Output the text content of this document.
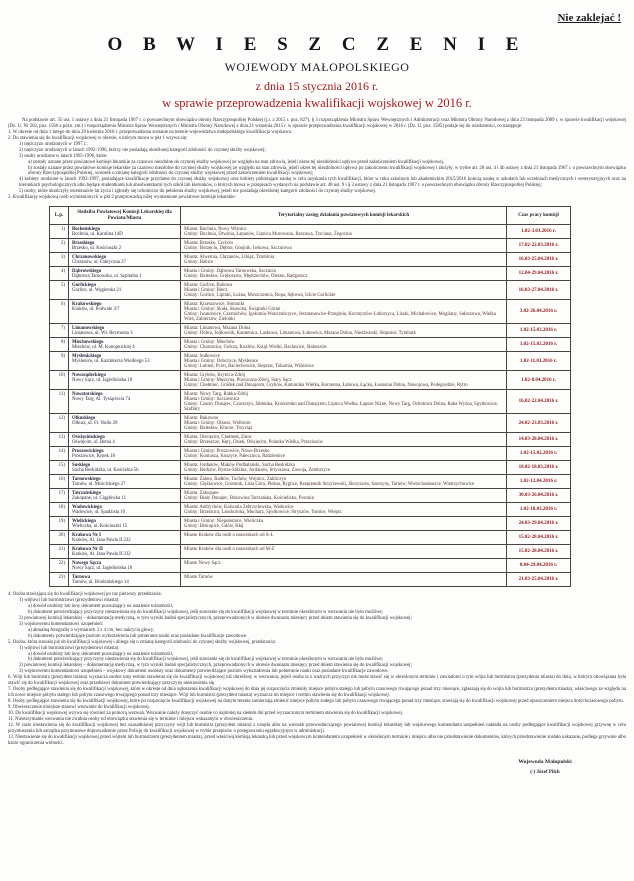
Nie zaklejać !
O B W I E S Z C Z E N I E
WOJEWODY MAŁOPOLSKIEGO
z dnia 15 stycznia 2016 r.
w sprawie przeprowadzenia kwalifikacji wojskowej w 2016 r.
Na podstawie art. 35 ust. 1 ustawy z dnia 21 listopada 1967 r. o powszechnym obowiązku obrony Rzeczypospolitej Polskiej (j.t. z 2015 r. poz. 827), § 3 rozporządzenia Ministra Spraw Wewnętrznych i Administracji oraz Ministra Obrony Narodowej z dnia 23 listopada 2009 r. w sprawie kwalifikacji wojskowej (Dz. U. Nr 202, poz. 1566 z późn. zm.) i rozporządzenia Ministra Spraw Wewnętrznych i Ministra Obrony Narodowej z dnia 21 września 2015 r. w sprawie przeprowadzenia kwalifikacji wojskowej w 2016 r. (Dz. U. poz. 1585) podaje się do wiadomości, co następuje:
1. W okresie od dnia 1 lutego do dnia 29 kwietnia 2016 r. przeprowadzona zostanie na terenie województwa małopolskiego kwalifikacja wojskowa.
2. Do stawienia się do kwalifikacji wojskowej w okresie, o którym mowa w pkt 1 wzywa się:
1) mężczyzn urodzonych w 1997 r.;
2) mężczyzn urodzonych w latach 1992-1996, którzy nie posiadają określonej kategorii zdolności do czynnej służby wojskowej;
3) osoby urodzone w latach 1995-1996, które:
a) zostały uznane przez powiatowe komisje lekarskie za czasowo niezdolne do czynnej służby wojskowej ze względu na stan zdrowia, jeżeli okres tej niezdolności upływa przed zakończeniem kwalifikacji wojskowej,
b) zostały uznane przez powiatowe komisje lekarskie za czasowo niezdolne do czynnej służby wojskowej ze względu na stan zdrowia, jeżeli okres tej niezdolności upływa po zakończeniu kwalifikacji wojskowej i złożyły, w trybie art. 28 ust. 4 i 4b ustawy z dnia 21 listopada 1967 r. o powszechnym obowiązku obrony Rzeczypospolitej Polskiej, wniosek o zmianę kategorii zdolności do czynnej służby wojskowej przed zakończeniem kwalifikacji wojskowej;
4) kobiety urodzone w latach 1992-1997, posiadające kwalifikacje przydatne do czynnej służby wojskowej oraz kobiety pobierające naukę w celu uzyskania tych kwalifikacji, które w roku szkolnym lub akademickim 2015/2016 kończą naukę w szkołach lub uczelniach medycznych i weterynaryjnych oraz na kierunkach psychologicznych albo będące studentkami lub absolwentkami tych szkół lub kierunków, o których mowa w przepisach wydanych na podstawie art. 48 ust. 9 i § 2 ustawy z dnia 21 listopada 1967 r. o powszechnym obowiązku obrony Rzeczypospolitej Polskiej;
5) osoby, które ukończyły osiemnaście lat życia i zgłosiły się ochotniczo do pełnienia służby wojskowej, jeżeli nie posiadają określonej kategorii zdolności do czynnej służby wojskowej.
3. Kwalifikację wojskową osób wymienionych w pkt 2 przeprowadzą niżej wymienione powiatowe komisje lekarskie:
L.p.	Siedziba Powiatowej Komisji Lekarskiej dla Powiatu/Miasta	Terytorialny zasięg działania powiatowych komisji lekarskich	Czas pracy komisji
1)	Bocheńskiego
Bochnia, ul. Karolina 14D

Miasta: Bochnia, Nowy Wiśnicz
Gminy: Bochnia, Drwinia, Łapanów, Lipnica Murowana, Rzezawa, Trzciana, Żegocina	1.02-3.03.2016 r.
2)	Brzeskiego
Brzesko, ul. Kościuszki 2

Miasta: Brzesko, Czchów
Gminy: Borzęcin, Dębno, Gnojnik, Iwkowa, Szczurowa	17.02-22.03.2016 r.
3)	Chrzanowskiego
Chrzanów, ul. Fabryczna 27

Miasta: Alwernia, Chrzanów, Libiąż, Trzebinia
Gminy: Babice	16.03-25.04.2016 r.
4)	Dąbrowskiego
Dąbrowa Tarnowska, ul. Szpitalna 1

Miasta i Gminy: Dąbrowa Tarnowska, Szczucin
Gminy: Bolesław, Gręboszów, Mędrzechów, Olesno, Radgoszcz	12.04-29.04.2016 r.
5)	Gorlickiego
Gorlice, ul. Węgierska 21

Miasta: Gorlice, Bobowa
Miasta i Gminy: Biecz
Gminy: Gorlice, Lipinki, Łużna, Moszczenica, Ropa, Sękowa, Uście Gorlickie
	16.03-27.04.2016 r.
6)	Krakowskiego
Kraków, ul. Podwale 3/7

Miasta: Krzeszowice, Słomniki
Miasta i Gminy: Skała, Skawina, Świątniki Górne
Gminy: Iwanowice, Czernichów, Igołomia-Wawrzeńczyce, Jerzmanowice-Przeginia, Kocmyrzów-Luborzyca, Liszki, Michałowice, Mogilany, Sułoszowa, Wielka Wieś, Zabierzów, Zielonki
	3.02-26.04.2016 r.
7)	Limanowskiego
Limanowa, ul. Wł. Reymonta 3

Miasta: Limanowa, Mszana Dolna
Gminy: Dobra, Jodłownik, Kamienica, Laskowa, Limanowa, Łukowica, Mszana Dolna, Niedźwiedź, Słopnice, Tymbark	1.02-15.03.2016 r.
8)	Miechowskiego
Miechów, ul. M. Konopnickiej 4

Miasta i Gminy: Miechów
Gminy: Charsznica, Gołcza, Kozłów, Książ Wielki, Racławice, Słaboszów	1.02-15.02.2016 r.
9)	Myślenickiego
Myślenice, ul. Kazimierza Wielkiego 53

Miasta: Sułkowice
Miasta i Gminy: Dobczyce, Myślenice
Gminy: Lubień, Pcim, Raciechowice, Siepraw, Tokarnia, Wiśniowa
	1.02-11.03.2016 r.
10)	Nowosądeckiego
Nowy Sącz, ul. Jagiellońska 18

Miasta: Grybów, Krynica-Zdrój
Miasta i Gminy: Muszyna, Piwniczna-Zdrój, Stary Sącz
Gminy: Chełmiec, Gródek nad Dunajcem, Grybów, Kamionka Wielka, Korzenna, Łabowa, Łącko, Łososina Dolna, Nawojowa, Podegrodzie, Rytro
	1.02-8.04.2016 r.
11)	Nowotarskiego
Nowy Targ, Al. Tysiąclecia 74

Miasta: Nowy Targ, Rabka-Zdrój
Miasta i Gminy: Szczawnica
Gminy: Czarny Dunajec, Czorsztyn, Jabłonka, Krościenko nad Dunajcem, Lipnica Wielka, Łapsze Niżne, Nowy Targ, Ochotnica Dolna, Raba Wyżna, Spytkowice, Szaflary
	16.02-22.04.2016 r.
12)	Olkuskiego
Olkusz, ul. Fr. Nullo 29

Miasta: Bukowno
Miasta i Gminy: Olkusz, Wolbrom
Gminy: Bolesław, Klucze, Trzyciąż
	24.02-23.03.2016 r.
13)	Oświęcimskiego
Oświęcim, ul. Bema 4

Miasta: Oświęcim, Chełmek, Zator
Gminy: Brzeszcze, Kęty, Osiek, Oświęcim, Polanka Wielka, Przeciszów	14.03-28.04.2016 r.
14)	Proszowickiego
Proszowice, Rynek 18

Miasta i Gminy: Proszowice, Nowe Brzesko
Gminy: Koniusza, Koszyce, Pałecznica, Radziemice	1.02-15.02.2016 r.
15)	Suskiego
Sucha Beskidzka, ul. Kościelna 5b

Miasta: Jordanów, Maków Podhalański, Sucha Beskidzka
Gminy: Budzów, Bystra-Sidzina, Jordanów, Stryszawa, Zawoja, Zembrzyce	18.02-18.03.2016 r.
16)	Tarnowskiego
Tarnów, ul. Mościckiego 27

Miasta: Żabno, Radłów, Tuchów, Wojnicz, Zakliczyn
Gminy: Ciężkowice, Gromnik, Lisia Góra, Pleśna, Ryglice, Rzepiennik Strzyżewski, Skrzyszów, Szerzyny, Tarnów, Wierzchosławice, Wietrzychowice	1.02-12.04.2016 r.
17)	Tatrzańskiego
Zakopane, ul. Ciągłówka 11

Miasta: Zakopane
Gminy: Biały Dunajec, Bukowina Tatrzańska, Kościelisko, Poronin	30.03-26.04.2016 r.
18)	Wadowickiego
Wadowice, ul. Spadzista 10

Miasta: Andrychów, Kalwaria Zebrzydowska, Wadowice
Gminy: Brzeźnica, Lanckorona, Mucharz, Spytkowice, Stryszów, Tomice, Wieprz	1.02-18.03.2016 r.
19)	Wielickiego
Wieliczka, ul. Kościuszki 15

Miasta i Gminy: Niepołomice, Wieliczka
Gminy: Biskupice, Gdów, Kłaj	24.03-29.04.2016 r.
20)	Krakowa Nr I
Kraków, Al. Jana Pawła II 232	Miasto Kraków dla osób o nazwiskach od A-Ł	15.02-28.04.2016 r.
21)	Krakowa Nr II
Kraków, Al. Jana Pawła II 232	Miasto Kraków dla osób o nazwiskach od M-Ż	15.02-28.04.2016 r.
22)	Nowego Sącza
Nowy Sącz, ul. Jagiellońska 18	Miasto Nowy Sącz	8.04-29.04.2016 r.
23)	Tarnowa
Tarnów, ul. Brodzińskiego 14	Miasto Tarnów	21.03-25.04.2016 r.
4. Osoba stawiająca się do kwalifikacji wojskowej po raz pierwszy przedstawia:
1) wójtowi lub burmistrzowi (prezydentowi miasta):
a) dowód osobisty lub inny dokument pozwalający na ustalenie tożsamości,
b) dokument potwierdzający przyczyny niestawienia się do kwalifikacji wojskowej, jeśli stawienie się do kwalifikacji wojskowej w terminie określonym w wezwaniu nie było możliwe;
2) powiatowej komisji lekarskiej – dokumentację medyczną, w tym wyniki badań specjalistycznych, przeprowadzonych w okresie dwunastu miesięcy przed dniem stawienia się do kwalifikacji wojskowej;
3) wojskowemu komendantowi uzupełnień:
a) aktualną fotografię o wymiarach 3 x 4 cm, bez nakrycia głowy,
b) dokumenty potwierdzające poziom wykształcenia lub pobieranie nauki oraz posiadane kwalifikacje zawodowe.
5. Osoba, która stawała już do kwalifikacji wojskowej i ubiega się o zmianę kategorii zdolności do czynnej służby wojskowej, przedstawia:
1) wójtowi lub burmistrzowi (prezydentowi miasta):
a) dowód osobisty lub inny dokument pozwalający na ustalenie tożsamości,
b) dokument potwierdzający przyczyny niestawienia się do kwalifikacji wojskowej, jeśli stawienie się do kwalifikacji wojskowej w terminie określonym w wezwaniu nie było możliwe;
2) powiatowej komisji lekarskiej – dokumentację medyczną, w tym wyniki badań specjalistycznych, przeprowadzonych w okresie dwunastu miesięcy przed dniem stawienia się do kwalifikacji wojskowej;
3) wojskowemu komendantowi uzupełnień – wojskowy dokument osobisty oraz dokumenty potwierdzające poziom wykształcenia lub pobieranie nauki oraz posiadane kwalifikacje zawodowe.
6. Wójt lub burmistrz (prezydent miasta) wyznacza osobie inny termin stawienia się do kwalifikacji wojskowej niż określony w wezwaniu, jeżeli osoba ta z ważnych przyczyn nie może stawić się w określonym terminie i zawiadomi o tym wójta lub burmistrza (prezydenta miasta) do dnia, w którym obowiązana była stawić się do kwalifikacji wojskowej oraz przedstawi dokument potwierdzający przyczyny niestawienia się.
7. Osoby podlegające stawieniu się do kwalifikacji wojskowej, które w okresie od dnia ogłoszenia kwalifikacji wojskowej do dnia jej rozpoczęcia zmieniły miejsce pobytu stałego lub pobytu czasowego trwającego ponad trzy miesiące, zgłaszają się do wójta lub burmistrza (prezydenta miasta), właściwego ze względu na ich nowe miejsce pobytu stałego lub pobytu czasowego trwającego ponad trzy miesiące. Wójt lub burmistrz (prezydent miasta) wyznacza im miejsce i termin stawienia się do kwalifikacji wojskowej.
8. Osoby podlegające stawieniu się do kwalifikacji wojskowej, które po rozpoczęciu kwalifikacji wojskowej na danym terenie zamierzają zmienić miejsce pobytu stałego lub pobytu czasowego trwającego ponad trzy miesiące, stawiają się do kwalifikacji wojskowej przed opuszczeniem miejsca dotychczasowego pobytu.
9. Obwieszczenie niniejsze stanowi wezwanie do kwalifikacji wojskowej.
10. Do kwalifikacji wojskowej wzywa się również za pomocą wezwań. Wezwanie należy doręczyć osobie co najmniej na siedem dni przed wyznaczonym terminem stawienia się do kwalifikacji wojskowej.
11. Nieotrzymanie wezwania nie zwalnia osoby od obowiązku stawienia się w terminie i miejscu wskazanym w obwieszczeniu.
12. W razie niestawienia się do kwalifikacji wojskowej bez uzasadnionej przyczyny wójt lub burmistrz (prezydent miasta) z urzędu albo na wniosek przewodniczącego powiatowej komisji lekarskiej lub wojskowego komendanta uzupełnień nakłada na osoby podlegające kwalifikacji wojskowej grzywnę w celu przymuszenia lub zarządza przymusowe doprowadzenie przez Policję do kwalifikacji wojskowej w trybie przepisów o postępowaniu egzekucyjnym w administracji.
13. Niestawienie się do kwalifikacji wojskowej przed wójtem lub burmistrzem (prezydentem miasta), przed właściwą komisją lekarską lub przed wojskowym komendantem uzupełnień w określonym terminie i miejscu albo nie przedstawienie dokumentów, których przedstawienie zostało nakazane, podlega grzywnie albo karze ograniczenia wolności.
Wojewoda Małopolski
(-) Józef Pilch
